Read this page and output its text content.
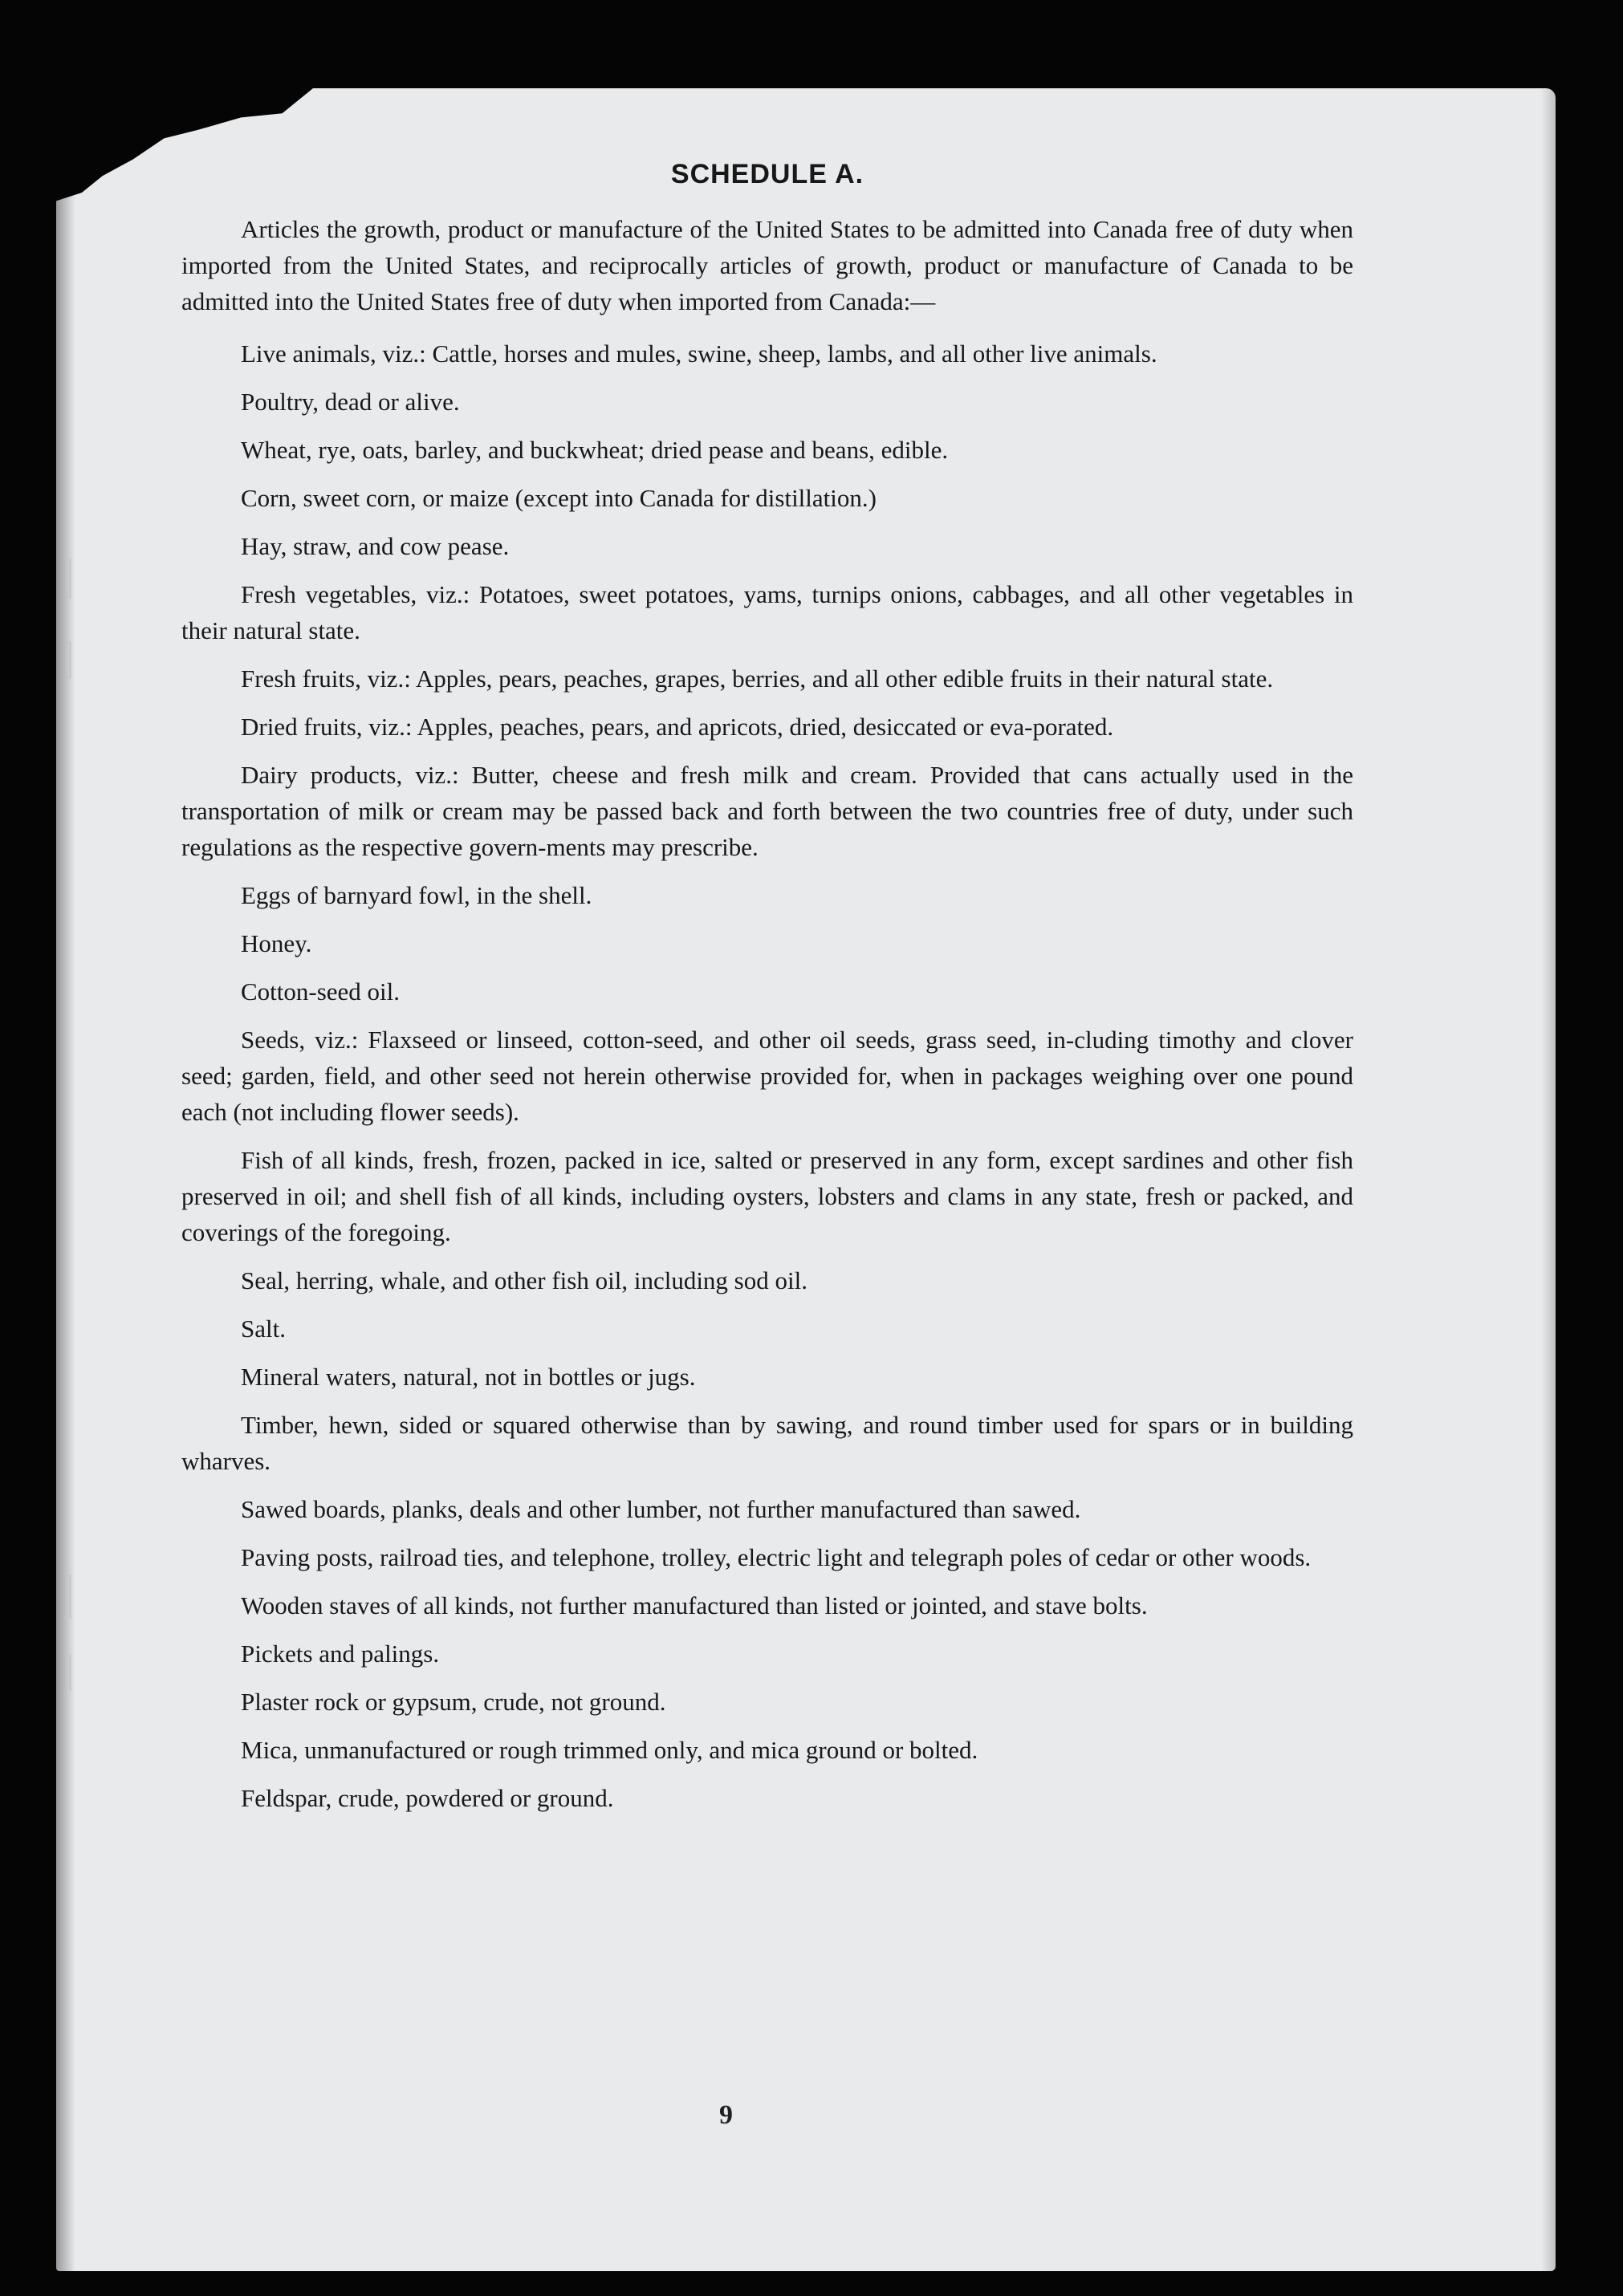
SCHEDULE A.

Articles the growth, product or manufacture of the United States to be admitted into Canada free of duty when imported from the United States, and reciprocally articles of growth, product or manufacture of Canada to be admitted into the United States free of duty when imported from Canada:—

Live animals, viz.: Cattle, horses and mules, swine, sheep, lambs, and all other live animals.

Poultry, dead or alive.

Wheat, rye, oats, barley, and buckwheat; dried pease and beans, edible.

Corn, sweet corn, or maize (except into Canada for distillation.)

Hay, straw, and cow pease.

Fresh vegetables, viz.: Potatoes, sweet potatoes, yams, turnips onions, cabbages, and all other vegetables in their natural state.

Fresh fruits, viz.: Apples, pears, peaches, grapes, berries, and all other edible fruits in their natural state.

Dried fruits, viz.: Apples, peaches, pears, and apricots, dried, desiccated or eva-porated.

Dairy products, viz.: Butter, cheese and fresh milk and cream. Provided that cans actually used in the transportation of milk or cream may be passed back and forth between the two countries free of duty, under such regulations as the respective govern-ments may prescribe.

Eggs of barnyard fowl, in the shell.

Honey.

Cotton-seed oil.

Seeds, viz.: Flaxseed or linseed, cotton-seed, and other oil seeds, grass seed, in-cluding timothy and clover seed; garden, field, and other seed not herein otherwise provided for, when in packages weighing over one pound each (not including flower seeds).

Fish of all kinds, fresh, frozen, packed in ice, salted or preserved in any form, except sardines and other fish preserved in oil; and shell fish of all kinds, including oysters, lobsters and clams in any state, fresh or packed, and coverings of the foregoing.

Seal, herring, whale, and other fish oil, including sod oil.

Salt.

Mineral waters, natural, not in bottles or jugs.

Timber, hewn, sided or squared otherwise than by sawing, and round timber used for spars or in building wharves.

Sawed boards, planks, deals and other lumber, not further manufactured than sawed.

Paving posts, railroad ties, and telephone, trolley, electric light and telegraph poles of cedar or other woods.

Wooden staves of all kinds, not further manufactured than listed or jointed, and stave bolts.

Pickets and palings.

Plaster rock or gypsum, crude, not ground.

Mica, unmanufactured or rough trimmed only, and mica ground or bolted.

Feldspar, crude, powdered or ground.

9
